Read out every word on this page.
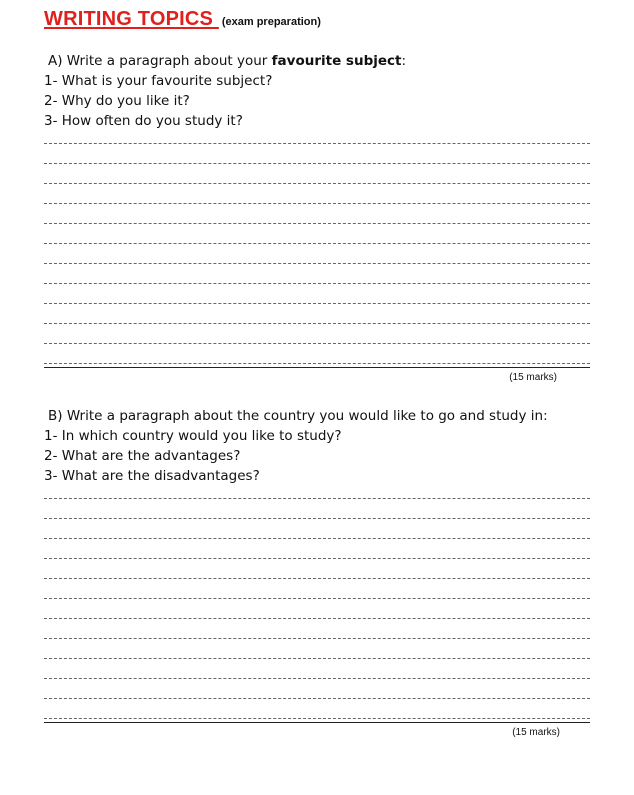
WRITING TOPICS (exam preparation)
A) Write a paragraph about your favourite subject:
1- What is your favourite subject?
2- Why do you like it?
3- How often do you study it?
(15 marks)
B) Write a paragraph about the country you would like to go and study in:
1- In which country would you like to study?
2- What are the advantages?
3- What are the disadvantages?
(15 marks)
